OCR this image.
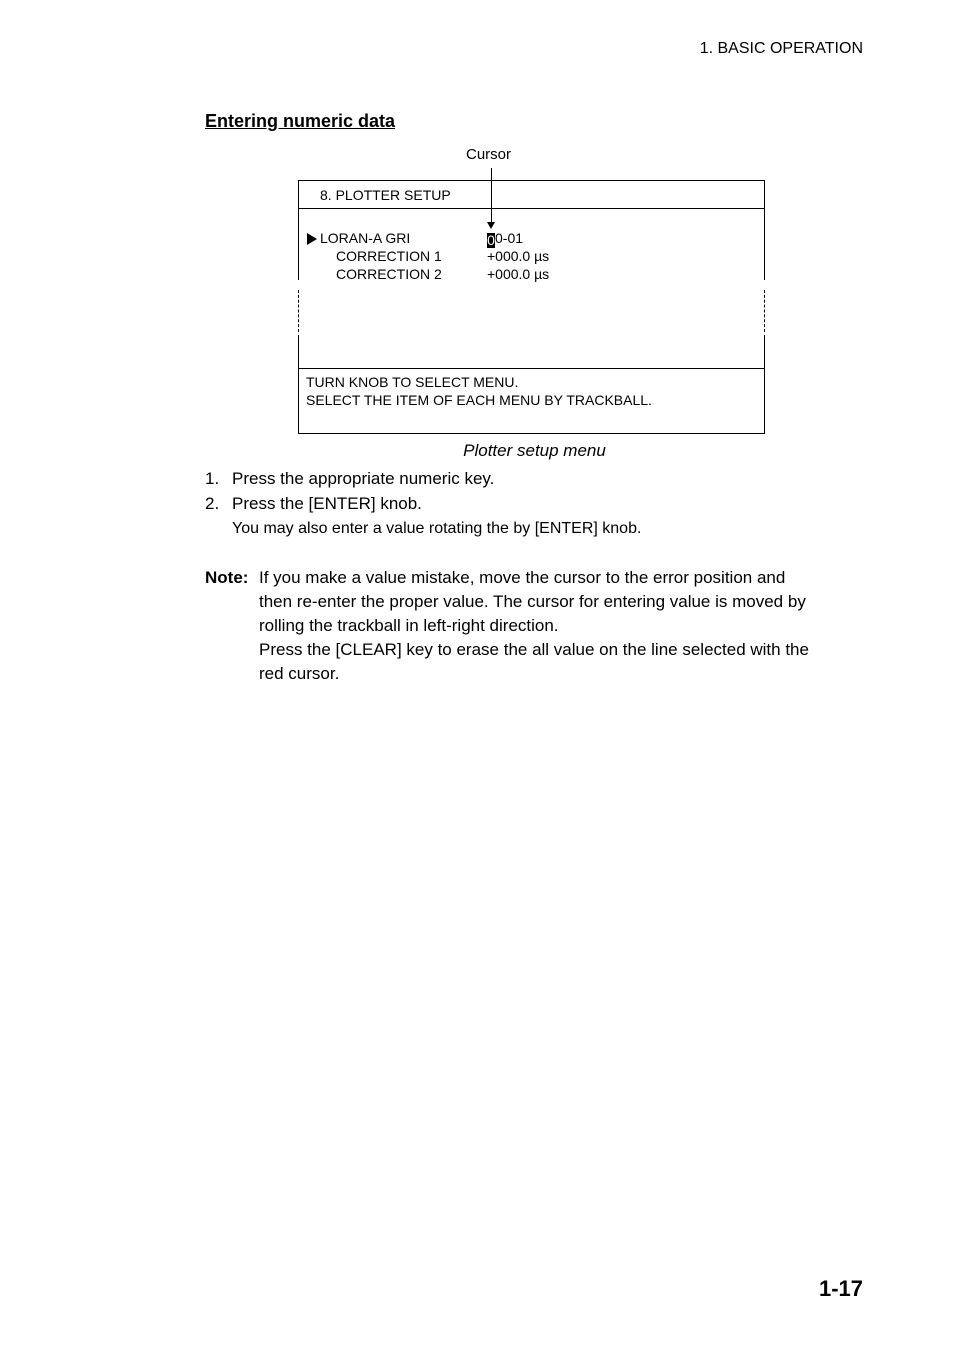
1. BASIC OPERATION
Entering numeric data
Cursor
8. PLOTTER SETUP
LORAN-A GRI	00-01
CORRECTION 1	+000.0 µs
CORRECTION 2	+000.0 µs
TURN KNOB TO SELECT MENU.
SELECT THE ITEM OF EACH MENU BY TRACKBALL.
Plotter setup menu
1. Press the appropriate numeric key.
2. Press the [ENTER] knob.
You may also enter a value rotating the by [ENTER] knob.
Note: If you make a value mistake, move the cursor to the error position and
then re-enter the proper value. The cursor for entering value is moved by
rolling the trackball in left-right direction.
Press the [CLEAR] key to erase the all value on the line selected with the
red cursor.
1-17
